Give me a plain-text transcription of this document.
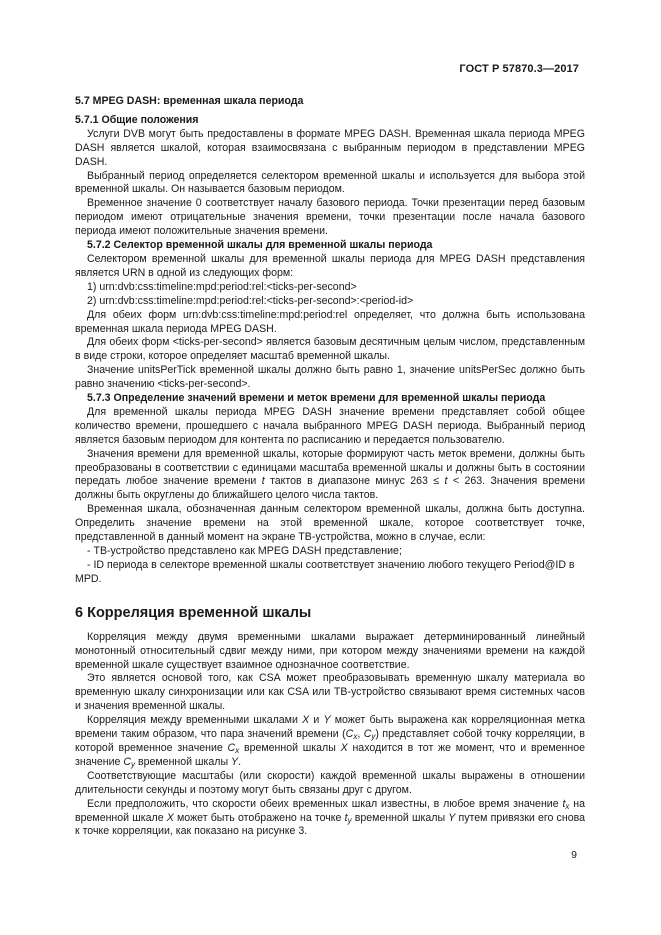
ГОСТ Р 57870.3—2017

5.7 MPEG DASH: временная шкала периода

5.7.1 Общие положения

Услуги DVB могут быть предоставлены в формате MPEG DASH. Временная шкала периода MPEG DASH является шкалой, которая взаимосвязана с выбранным периодом в представлении MPEG DASH.

Выбранный период определяется селектором временной шкалы и используется для выбора этой временной шкалы. Он называется базовым периодом.

Временное значение 0 соответствует началу базового периода. Точки презентации перед базовым периодом имеют отрицательные значения времени, точки презентации после начала базового периода имеют положительные значения времени.

5.7.2 Селектор временной шкалы для временной шкалы периода

Селектором временной шкалы для временной шкалы периода для MPEG DASH представления является URN в одной из следующих форм:

1) urn:dvb:css:timeline:mpd:period:rel:<ticks-per-second>

2) urn:dvb:css:timeline:mpd:period:rel:<ticks-per-second>:<period-id>

Для обеих форм urn:dvb:css:timeline:mpd:period:rel определяет, что должна быть использована временная шкала периода MPEG DASH.

Для обеих форм <ticks-per-second> является базовым десятичным целым числом, представленным в виде строки, которое определяет масштаб временной шкалы.

Значение unitsPerTick временной шкалы должно быть равно 1, значение unitsPerSec должно быть равно значению <ticks-per-second>.

5.7.3 Определение значений времени и меток времени для временной шкалы периода

Для временной шкалы периода MPEG DASH значение времени представляет собой общее количество времени, прошедшего с начала выбранного MPEG DASH периода. Выбранный период является базовым периодом для контента по расписанию и передается пользователю.

Значения времени для временной шкалы, которые формируют часть меток времени, должны быть преобразованы в соответствии с единицами масштаба временной шкалы и должны быть в состоянии передать любое значение времени t тактов в диапазоне минус 263 ≤ t < 263. Значения времени должны быть округлены до ближайшего целого числа тактов.

Временная шкала, обозначенная данным селектором временной шкалы, должна быть доступна. Определить значение времени на этой временной шкале, которое соответствует точке, представленной в данный момент на экране ТВ-устройства, можно в случае, если:

- ТВ-устройство представлено как MPEG DASH представление;

- ID периода в селекторе временной шкалы соответствует значению любого текущего Period@ID в MPD.

6 Корреляция временной шкалы

Корреляция между двумя временными шкалами выражает детерминированный линейный монотонный относительный сдвиг между ними, при котором между значениями времени на каждой временной шкале существует взаимное однозначное соответствие.

Это является основой того, как CSA может преобразовывать временную шкалу материала во временную шкалу синхронизации или как CSA или ТВ-устройство связывают время системных часов и значения временной шкалы.

Корреляция между временными шкалами X и Y может быть выражена как корреляционная метка времени таким образом, что пара значений времени ($C_x$, $C_y$) представляет собой точку корреляции, в которой временное значение $C_x$ временной шкалы X находится в тот же момент, что и временное значение $C_y$ временной шкалы Y.

Соответствующие масштабы (или скорости) каждой временной шкалы выражены в отношении длительности секунды и поэтому могут быть связаны друг с другом.

Если предположить, что скорости обеих временных шкал известны, в любое время значение $t_x$ на временной шкале X может быть отображено на точке $t_y$ временной шкалы Y путем привязки его снова к точке корреляции, как показано на рисунке 3.

9
